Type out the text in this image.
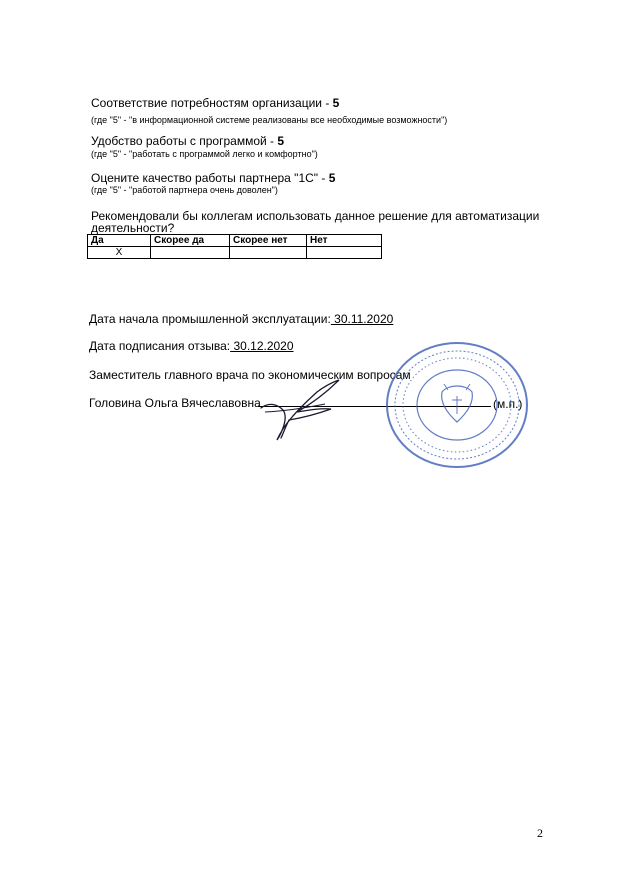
Соответствие потребностям организации - 5
(где "5" - "в информационной системе реализованы все необходимые возможности")
Удобство работы с программой - 5
(где "5" - "работать с программой легко и комфортно")
Оцените качество работы партнера "1С" - 5
(где "5" - "работой партнера очень доволен")
Рекомендовали бы коллегам использовать данное решение для автоматизации
деятельности?
Да	Скорее да	Скорее нет	Нет
X			
Дата начала промышленной эксплуатации: 30.11.2020
Дата подписания отзыва: 30.12.2020
Заместитель главного врача по экономическим вопросам
Головина Ольга Вячеславовна	(м.п.)
2
